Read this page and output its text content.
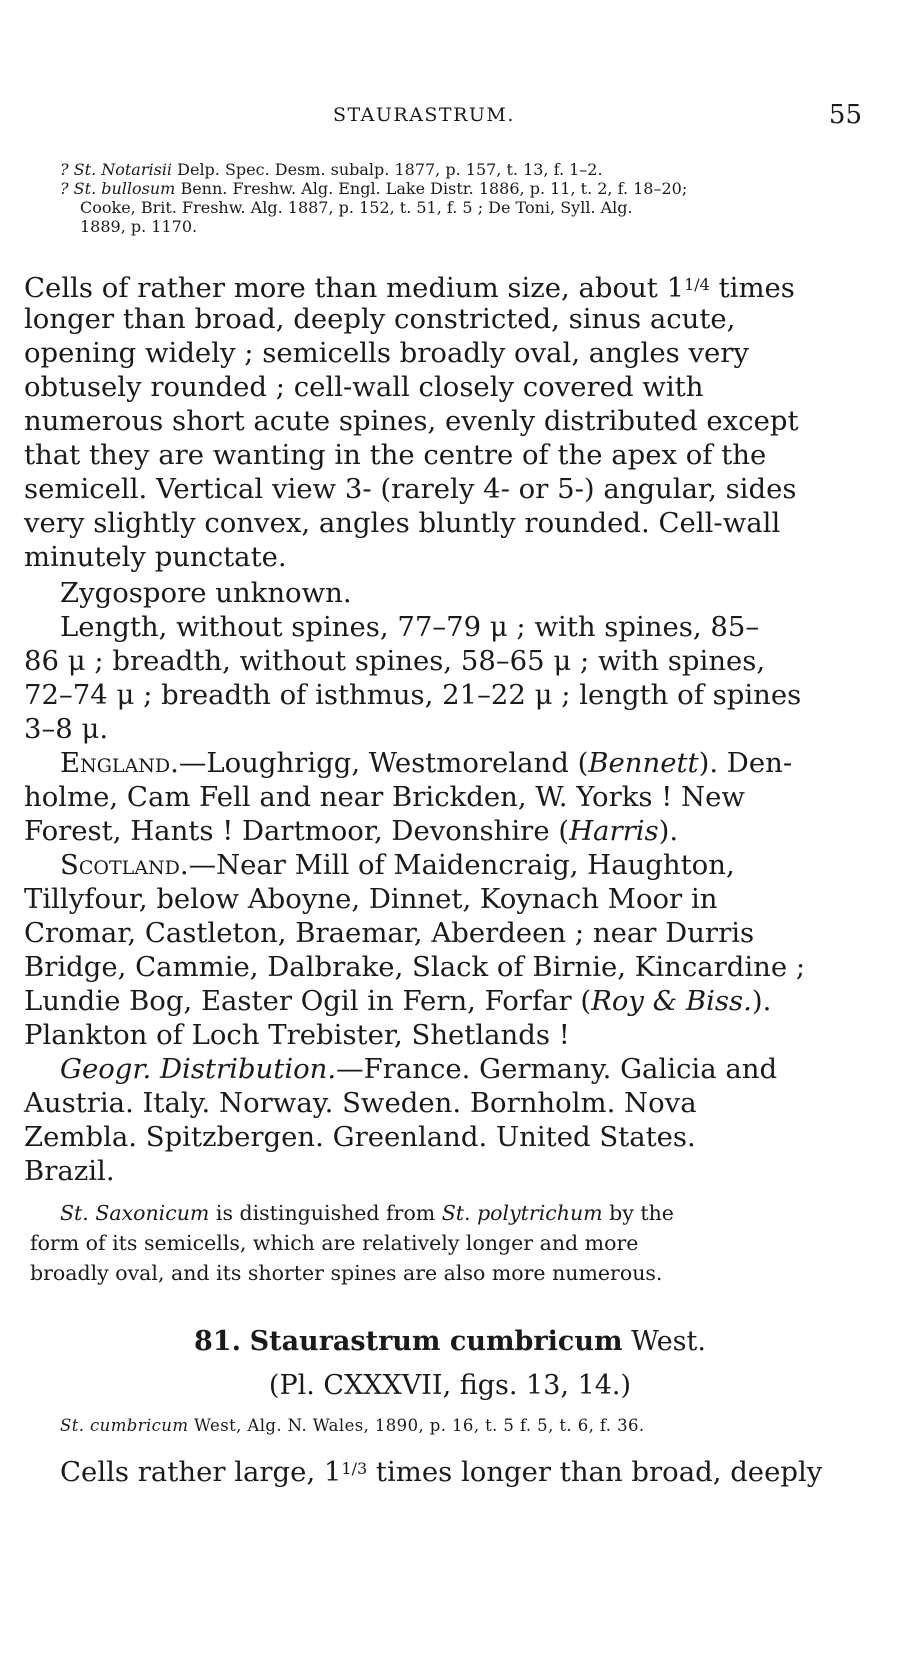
STAURASTRUM.	55
? St. Notarisii Delp. Spec. Desm. subalp. 1877, p. 157, t. 13, f. 1–2.
? St. bullosum Benn. Freshw. Alg. Engl. Lake Distr. 1886, p. 11, t. 2, f. 18–20;
Cooke, Brit. Freshw. Alg. 1887, p. 152, t. 51, f. 5 ; De Toni, Syll. Alg.
1889, p. 1170.
Cells of rather more than medium size, about $1^{1/4}$ times
longer than broad, deeply constricted, sinus acute,
opening widely ; semicells broadly oval, angles very
obtusely rounded ; cell-wall closely covered with
numerous short acute spines, evenly distributed except
that they are wanting in the centre of the apex of the
semicell. Vertical view 3- (rarely 4- or 5-) angular, sides
very slightly convex, angles bluntly rounded. Cell-wall
minutely punctate.
Zygospore unknown.
Length, without spines, 77–79 μ ; with spines, 85–
86 μ ; breadth, without spines, 58–65 μ ; with spines,
72–74 μ ; breadth of isthmus, 21–22 μ ; length of spines
3–8 μ.
England.—Loughrigg, Westmoreland (Bennett). Den-
holme, Cam Fell and near Brickden, W. Yorks ! New
Forest, Hants ! Dartmoor, Devonshire (Harris).
Scotland.—Near Mill of Maidencraig, Haughton,
Tillyfour, below Aboyne, Dinnet, Koynach Moor in
Cromar, Castleton, Braemar, Aberdeen ; near Durris
Bridge, Cammie, Dalbrake, Slack of Birnie, Kincardine ;
Lundie Bog, Easter Ogil in Fern, Forfar (Roy & Biss.).
Plankton of Loch Trebister, Shetlands !
Geogr. Distribution.—France. Germany. Galicia and
Austria. Italy. Norway. Sweden. Bornholm. Nova
Zembla. Spitzbergen. Greenland. United States.
Brazil.
St. Saxonicum is distinguished from St. polytrichum by the
form of its semicells, which are relatively longer and more
broadly oval, and its shorter spines are also more numerous.
81. Staurastrum cumbricum West.
(Pl. CXXXVII, figs. 13, 14.)
St. cumbricum West, Alg. N. Wales, 1890, p. 16, t. 5 f. 5, t. 6, f. 36.
Cells rather large, $1^{1/3}$ times longer than broad, deeply
